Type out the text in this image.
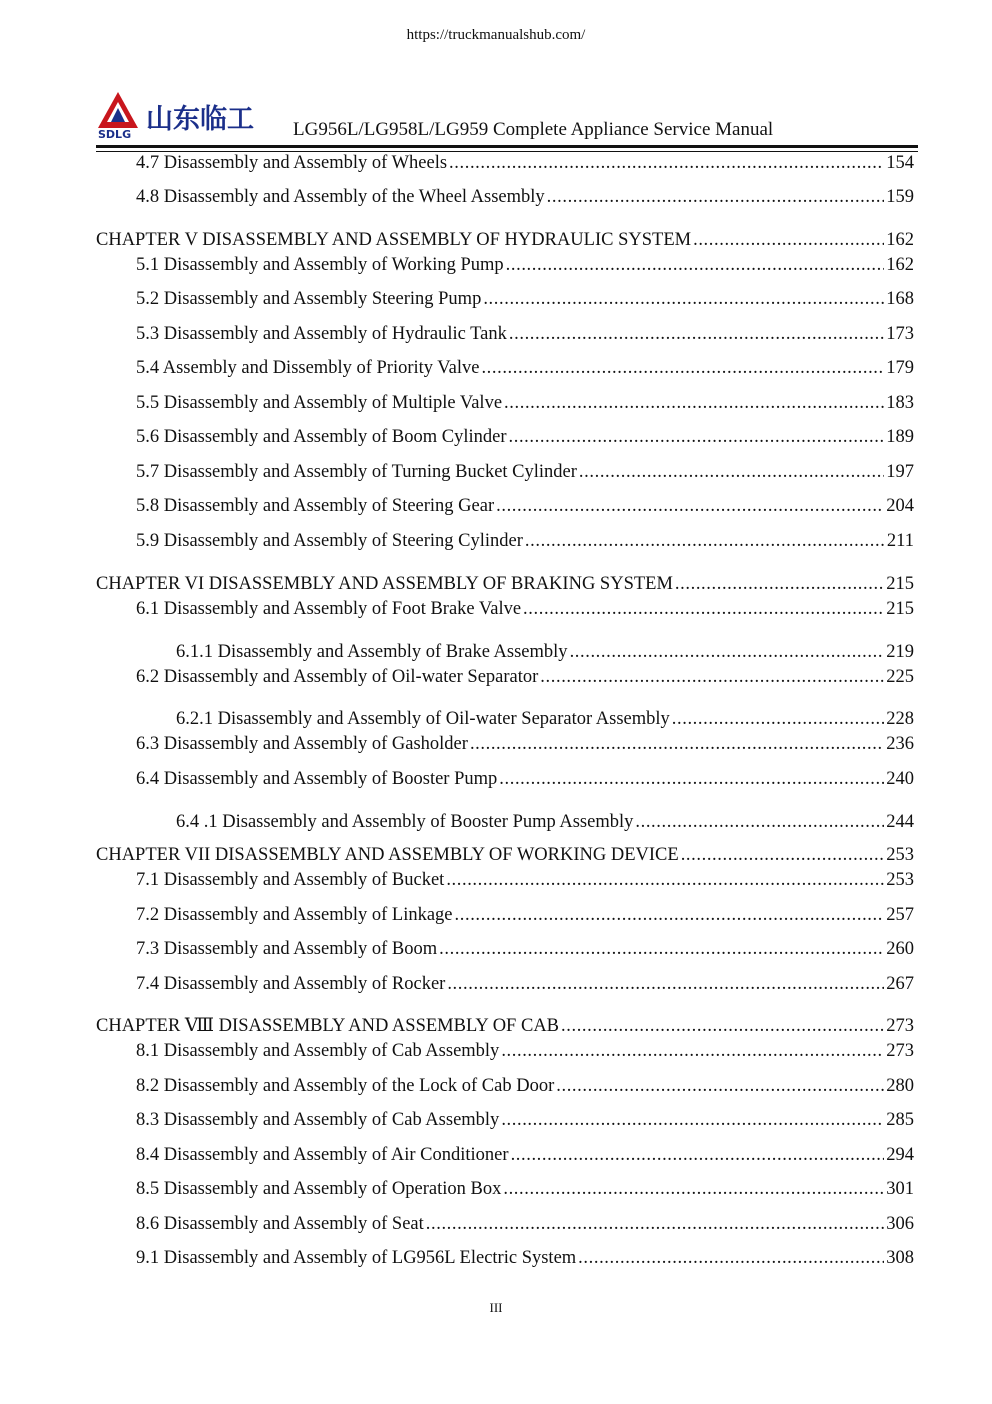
https://truckmanualshub.com/
SDLG 山东临工 LG956L/LG958L/LG959 Complete Appliance Service Manual
4.7 Disassembly and Assembly of Wheels .....	154
4.8 Disassembly and Assembly of the Wheel Assembly .....	159
CHAPTER V DISASSEMBLY AND ASSEMBLY OF HYDRAULIC SYSTEM .....	162
5.1 Disassembly and Assembly of Working Pump .....	162
5.2 Disassembly and Assembly Steering Pump .....	168
5.3 Disassembly and Assembly of Hydraulic Tank .....	173
5.4 Assembly and Dissembly of Priority Valve .....	179
5.5 Disassembly and Assembly of Multiple Valve .....	183
5.6 Disassembly and Assembly of Boom Cylinder .....	189
5.7 Disassembly and Assembly of Turning Bucket Cylinder .....	197
5.8 Disassembly and Assembly of Steering Gear .....	204
5.9 Disassembly and Assembly of Steering Cylinder .....	211
CHAPTER VI DISASSEMBLY AND ASSEMBLY OF BRAKING SYSTEM .....	215
6.1 Disassembly and Assembly of Foot Brake Valve .....	215
6.1.1 Disassembly and Assembly of Brake Assembly .....	219
6.2 Disassembly and Assembly of Oil-water Separator .....	225
6.2.1 Disassembly and Assembly of Oil-water Separator Assembly .....	228
6.3 Disassembly and Assembly of Gasholder .....	236
6.4 Disassembly and Assembly of Booster Pump .....	240
6.4 .1 Disassembly and Assembly of Booster Pump Assembly .....	244
CHAPTER VII DISASSEMBLY AND ASSEMBLY OF WORKING DEVICE .....	253
7.1 Disassembly and Assembly of Bucket .....	253
7.2 Disassembly and Assembly of Linkage .....	257
7.3 Disassembly and Assembly of Boom .....	260
7.4 Disassembly and Assembly of Rocker .....	267
CHAPTER Ⅷ DISASSEMBLY AND ASSEMBLY OF CAB .....	273
8.1 Disassembly and Assembly of Cab Assembly .....	273
8.2 Disassembly and Assembly of the Lock of Cab Door .....	280
8.3 Disassembly and Assembly of Cab Assembly .....	285
8.4 Disassembly and Assembly of Air Conditioner .....	294
8.5 Disassembly and Assembly of Operation Box .....	301
8.6 Disassembly and Assembly of Seat .....	306
9.1 Disassembly and Assembly of LG956L Electric System .....	308
III
